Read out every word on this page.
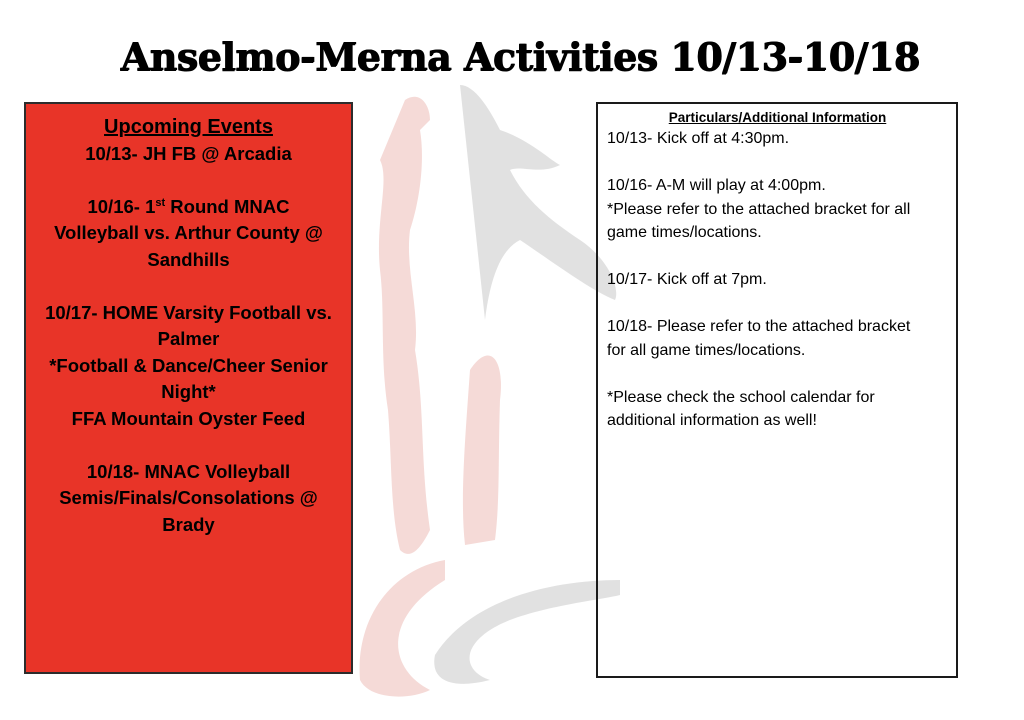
Anselmo-Merna Activities 10/13-10/18
Upcoming Events
10/13- JH FB @ Arcadia
10/16- 1st Round MNAC
Volleyball vs. Arthur County @
Sandhills
10/17- HOME Varsity Football vs.
Palmer
*Football & Dance/Cheer Senior
Night*
FFA Mountain Oyster Feed
10/18- MNAC Volleyball
Semis/Finals/Consolations @
Brady
Particulars/Additional Information
10/13- Kick off at 4:30pm.
10/16- A-M will play at 4:00pm.
*Please refer to the attached bracket for all
game times/locations.
10/17- Kick off at 7pm.
10/18- Please refer to the attached bracket
for all game times/locations.
*Please check the school calendar for
additional information as well!
